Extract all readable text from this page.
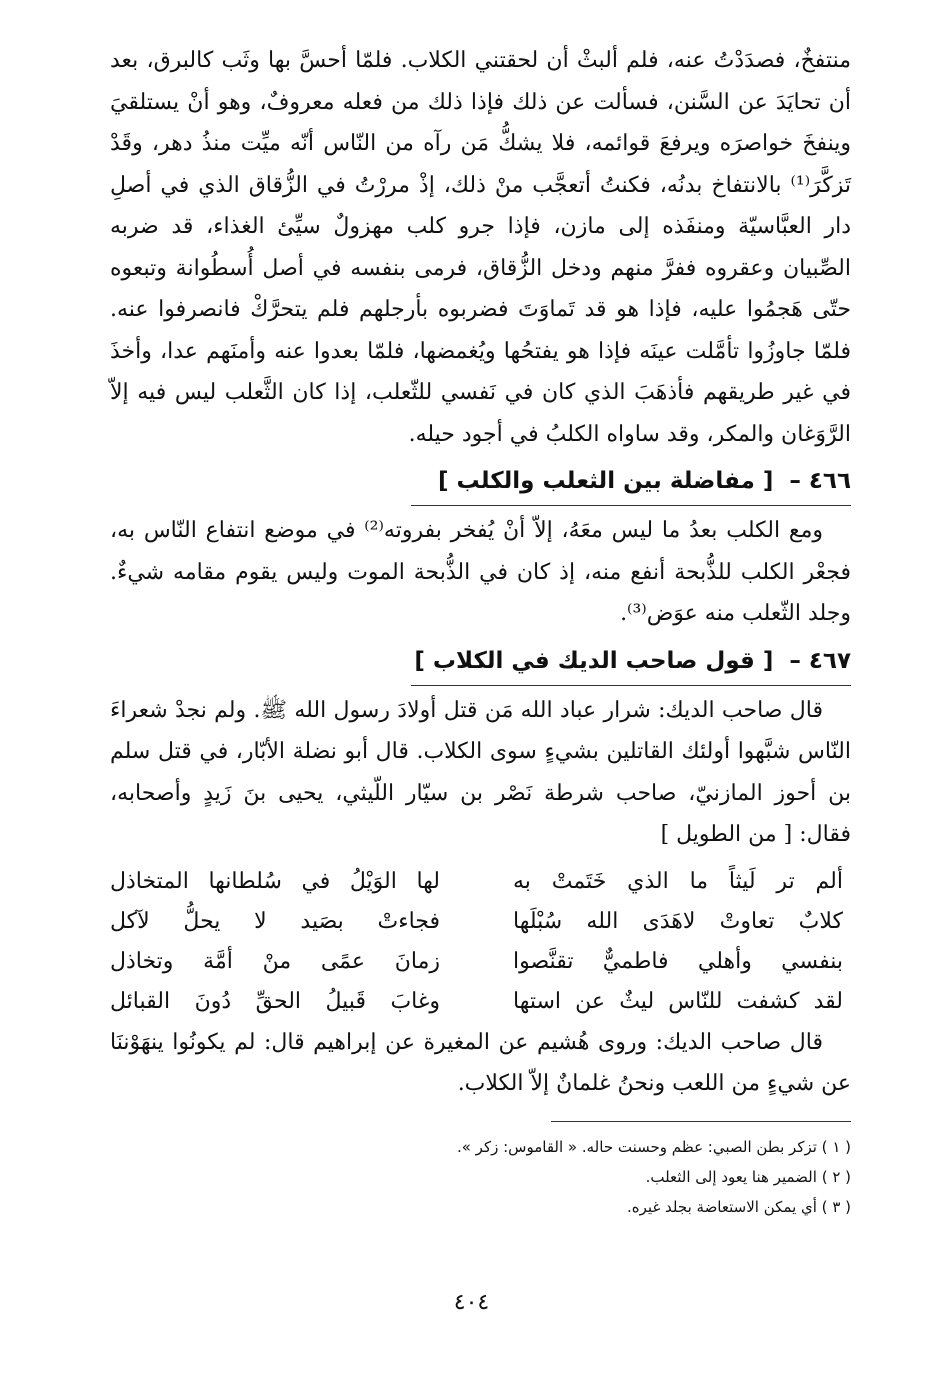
منتفخٌ، فصدَدْتُ عنه، فلم ألبثْ أن لحقتني الكلاب. فلمّا أحسَّ بها وثَب كالبرق، بعد أن تحايَدَ عن السَّنن، فسألت عن ذلك فإذا ذلك من فعله معروفٌ، وهو أنْ يستلقيَ وينفخَ خواصرَه ويرفعَ قوائمه، فلا يشكُّ مَن رآه من النّاس أنّه ميِّت منذُ دهر، وقَدْ تَزكَّرَ⁽¹⁾ بالانتفاخ بدنُه، فكنتُ أتعجَّب منْ ذلك، إذْ مررْتُ في الزُّقاق الذي في أصلِ دار العبَّاسيّة ومنفَذه إلى مازن، فإذا جرو كلب مهزولٌ سيِّئ الغذاء، قد ضربه الصِّبيان وعقروه ففرَّ منهم ودخل الزُّقاق، فرمى بنفسه في أصل أُسطُوانة وتبعوه حتّى هَجمُوا عليه، فإذا هو قد تَماوَتَ فضربوه بأرجلهم فلم يتحرَّكْ فانصرفوا عنه. فلمّا جاوزُوا تأمَّلت عينَه فإذا هو يفتحُها ويُغمضها، فلمّا بعدوا عنه وأمنَهم عدا، وأخذَ في غير طريقهم فأذهَبَ الذي كان في نَفسي للثّعلب، إذا كان الثَّعلب ليس فيه إلاّ الرَّوَغان والمكر، وقد ساواه الكلبُ في أجود حيله.

٤٦٦ – [ مفاضلة بين الثعلب والكلب ]

ومع الكلب بعدُ ما ليس معَهُ، إلاّ أنْ يُفخر بفروته⁽²⁾ في موضع انتفاع النّاس به، فجعْر الكلب للذُّبحة أنفع منه، إذ كان في الذُّبحة الموت وليس يقوم مقامه شيءٌ. وجلد الثّعلب منه عوَض⁽³⁾.

٤٦٧ – [ قول صاحب الديك في الكلاب ]

قال صاحب الديك: شرار عباد الله مَن قتل أولادَ رسول الله ﷺ. ولم نجدْ شعراءَ النّاس شبَّهوا أولئك القاتلين بشيءٍ سوى الكلاب. قال أبو نضلة الأبّار، في قتل سلم بن أحوز المازنيّ، صاحب شرطة نَصْر بن سيّار اللّيثي، يحيى بنَ زَيدٍ وأصحابه، فقال: [ من الطويل ]

ألم تر لَيثاً ما الذي خَتَمتْ به
لها الوَيْلُ في سُلطانها المتخاذل
كلابٌ تعاوتْ لاهَدَى الله سُبْلَها
فجاءتْ بصَيد لا يحلُّ لآكل
بنفسي وأهلي فاطميٌّ تقنَّصوا
زمانَ عمًى منْ أمَّة وتخاذل
لقد كشفت للنّاس ليثٌ عن استها
وغابَ قَبيلُ الحقِّ دُونَ القبائل

قال صاحب الديك: وروى هُشيم عن المغيرة عن إبراهيم قال: لم يكونُوا ينهَوْننَا عن شيءٍ من اللعب ونحنُ غلمانٌ إلاّ الكلاب.

( ١ ) تزكر بطن الصبي: عظم وحسنت حاله. « القاموس: زكر ».
( ٢ ) الضمير هنا يعود إلى الثعلب.
( ٣ ) أي يمكن الاستعاضة بجلد غيره.
٤٠٤
